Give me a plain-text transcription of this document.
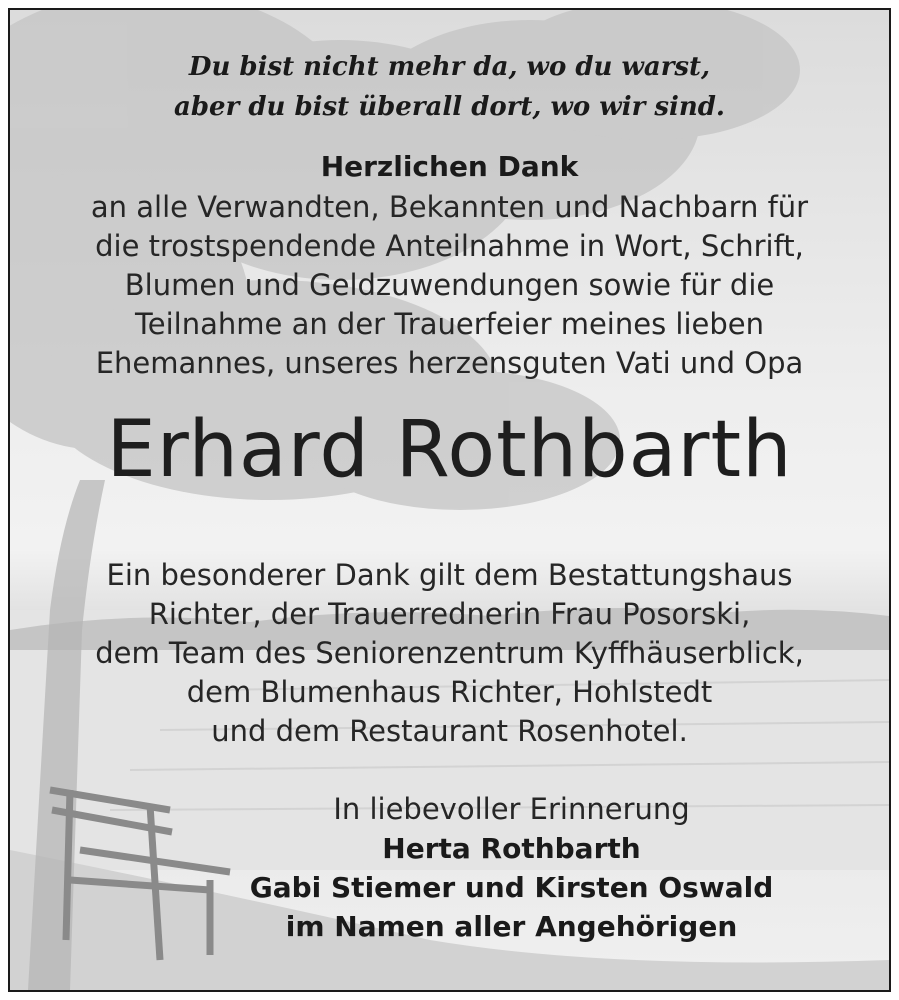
Du bist nicht mehr da, wo du warst,
aber du bist überall dort, wo wir sind.
Herzlichen Dank
an alle Verwandten, Bekannten und Nachbarn für
die trostspendende Anteilnahme in Wort, Schrift,
Blumen und Geldzuwendungen sowie für die
Teilnahme an der Trauerfeier meines lieben
Ehemannes, unseres herzensguten Vati und Opa
Erhard Rothbarth
Ein besonderer Dank gilt dem Bestattungshaus
Richter, der Trauerrednerin Frau Posorski,
dem Team des Seniorenzentrum Kyffhäuserblick,
dem Blumenhaus Richter, Hohlstedt
und dem Restaurant Rosenhotel.
In liebevoller Erinnerung
Herta Rothbarth
Gabi Stiemer und Kirsten Oswald
im Namen aller Angehörigen
